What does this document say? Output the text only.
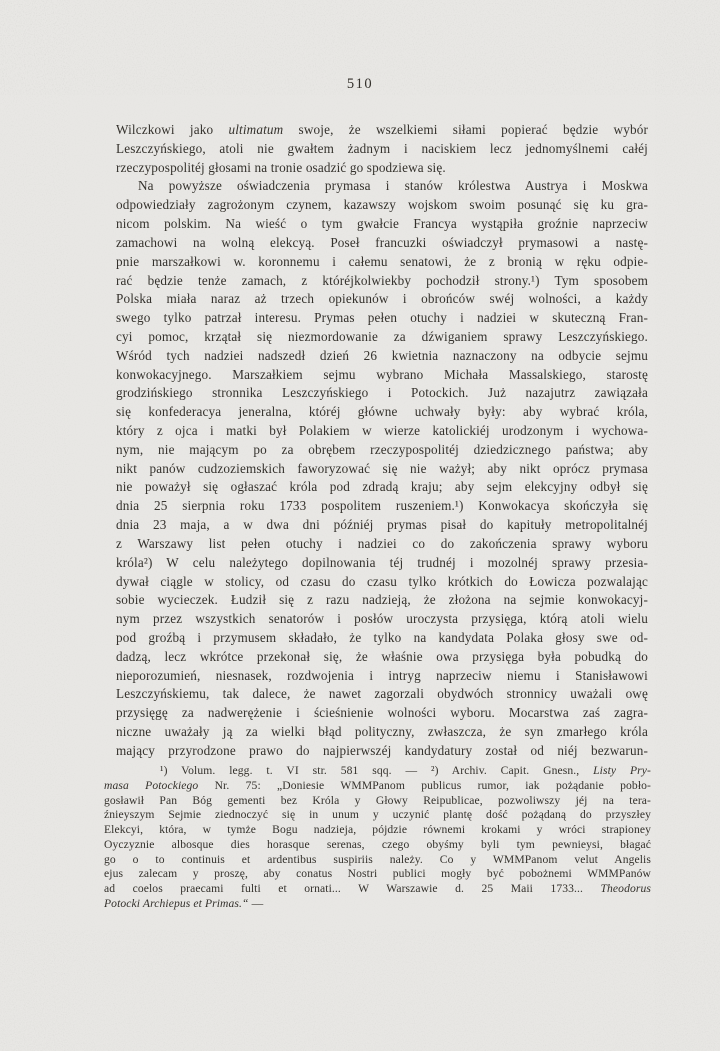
510
Wilczkowi jako ultimatum swoje, że wszelkiemi siłami popierać będzie wybór
Leszczyńskiego, atoli nie gwałtem żadnym i naciskiem lecz jednomyślnemi całéj
rzeczypospolitéj głosami na tronie osadzić go spodziewa się.
Na powyższe oświadczenia prymasa i stanów królestwa Austrya i Moskwa
odpowiedziały zagrożonym czynem, kazawszy wojskom swoim posunąć się ku gra-
nicom polskim. Na wieść o tym gwałcie Francya wystąpiła groźnie naprzeciw
zamachowi na wolną elekcyą. Poseł francuzki oświadczył prymasowi a nastę-
pnie marszałkowi w. koronnemu i całemu senatowi, że z bronią w ręku odpie-
rać będzie tenże zamach, z któréjkolwiekby pochodził strony.¹) Tym sposobem
Polska miała naraz aż trzech opiekunów i obrońców swéj wolności, a każdy
swego tylko patrzał interesu. Prymas pełen otuchy i nadziei w skuteczną Fran-
cyi pomoc, krzątał się niezmordowanie za dźwiganiem sprawy Leszczyńskiego.
Wśród tych nadziei nadszedł dzień 26 kwietnia naznaczony na odbycie sejmu
konwokacyjnego. Marszałkiem sejmu wybrano Michała Massalskiego, starostę
grodzińskiego stronnika Leszczyńskiego i Potockich. Już nazajutrz zawiązała
się konfederacya jeneralna, któréj główne uchwały były: aby wybrać króla,
który z ojca i matki był Polakiem w wierze katolickiéj urodzonym i wychowa-
nym, nie mającym po za obrębem rzeczypospolitéj dziedzicznego państwa; aby
nikt panów cudzoziemskich faworyzować się nie ważył; aby nikt oprócz prymasa
nie poważył się ogłaszać króla pod zdradą kraju; aby sejm elekcyjny odbył się
dnia 25 sierpnia roku 1733 pospolitem ruszeniem.¹) Konwokacya skończyła się
dnia 23 maja, a w dwa dni późniéj prymas pisał do kapituły metropolitalnéj
z Warszawy list pełen otuchy i nadziei co do zakończenia sprawy wyboru
króla²) W celu należytego dopilnowania téj trudnéj i mozolnéj sprawy przesia-
dywał ciągle w stolicy, od czasu do czasu tylko krótkich do Łowicza pozwalając
sobie wycieczek. Łudził się z razu nadzieją, że złożona na sejmie konwokacyj-
nym przez wszystkich senatorów i posłów uroczysta przysięga, którą atoli wielu
pod groźbą i przymusem składało, że tylko na kandydata Polaka głosy swe od-
dadzą, lecz wkrótce przekonał się, że właśnie owa przysięga była pobudką do
nieporozumień, niesnasek, rozdwojenia i intryg naprzeciw niemu i Stanisławowi
Leszczyńskiemu, tak dalece, że nawet zagorzali obydwóch stronnicy uważali owę
przysięgę za nadwerężenie i ścieśnienie wolności wyboru. Mocarstwa zaś zagra-
niczne uważały ją za wielki błąd polityczny, zwłaszcza, że syn zmarłego króla
mający przyrodzone prawo do najpierwszéj kandydatury został od niéj bezwarun-
¹) Volum. legg. t. VI str. 581 sqq. — ²) Archiv. Capit. Gnesn., Listy Pry-
masa Potockiego Nr. 75: „Doniesie WMMPanom publicus rumor, iak pożądanie pobło-
gosławił Pan Bóg gementi bez Króla y Głowy Reipublicae, pozwoliwszy jéj na tera-
źnieyszym Sejmie ziednoczyć się in unum y uczynić plantę dość pożądaną do przyszłey
Elekcyi, która, w tymże Bogu nadzieja, pójdzie równemi krokami y wróci strapioney
Oyczyznie albosque dies horasque serenas, czego obyśmy byli tym pewnieysi, błagać
go o to continuis et ardentibus suspiriis należy. Co y WMMPanom velut Angelis
ejus zalecam y proszę, aby conatus Nostri publici mogły być pobożnemi WMMPanów
ad coelos praecami fulti et ornati... W Warszawie d. 25 Maii 1733... Theodorus
Potocki Archiepus et Primas.“ —
